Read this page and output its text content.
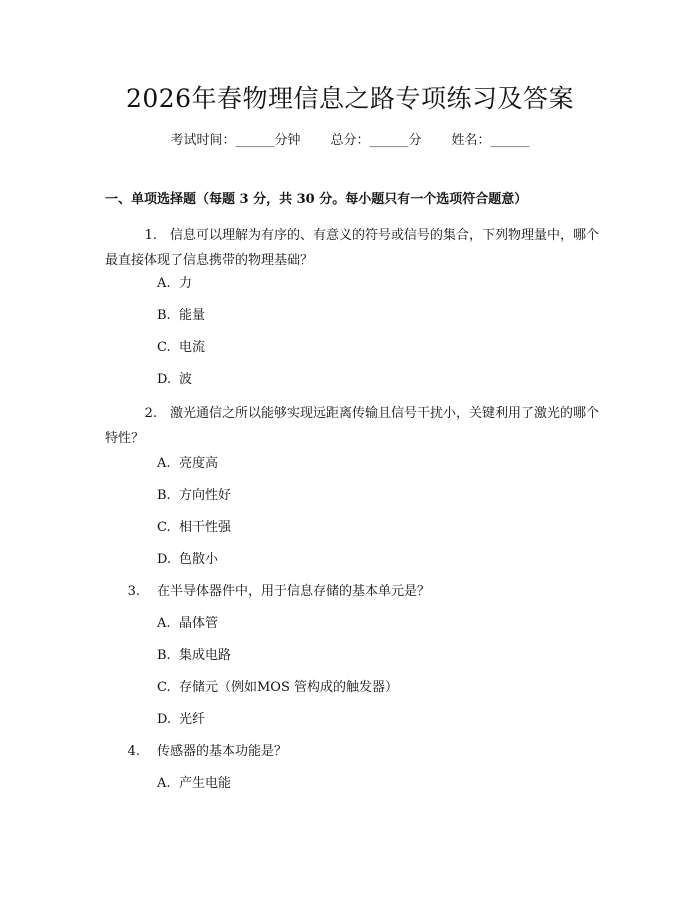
2026年春物理信息之路专项练习及答案
考试时间：______分钟 总分：______分 姓名：______
一、单项选择题（每题 3 分，共 30 分。每小题只有一个选项符合题意）
1. 信息可以理解为有序的、有意义的符号或信号的集合，下列物理量中，哪个最直接体现了信息携带的物理基础？
A. 力
B. 能量
C. 电流
D. 波
2. 激光通信之所以能够实现远距离传输且信号干扰小，关键利用了激光的哪个特性？
A. 亮度高
B. 方向性好
C. 相干性强
D. 色散小
3. 在半导体器件中，用于信息存储的基本单元是？
A. 晶体管
B. 集成电路
C. 存储元（例如MOS 管构成的触发器）
D. 光纤
4. 传感器的基本功能是？
A. 产生电能
